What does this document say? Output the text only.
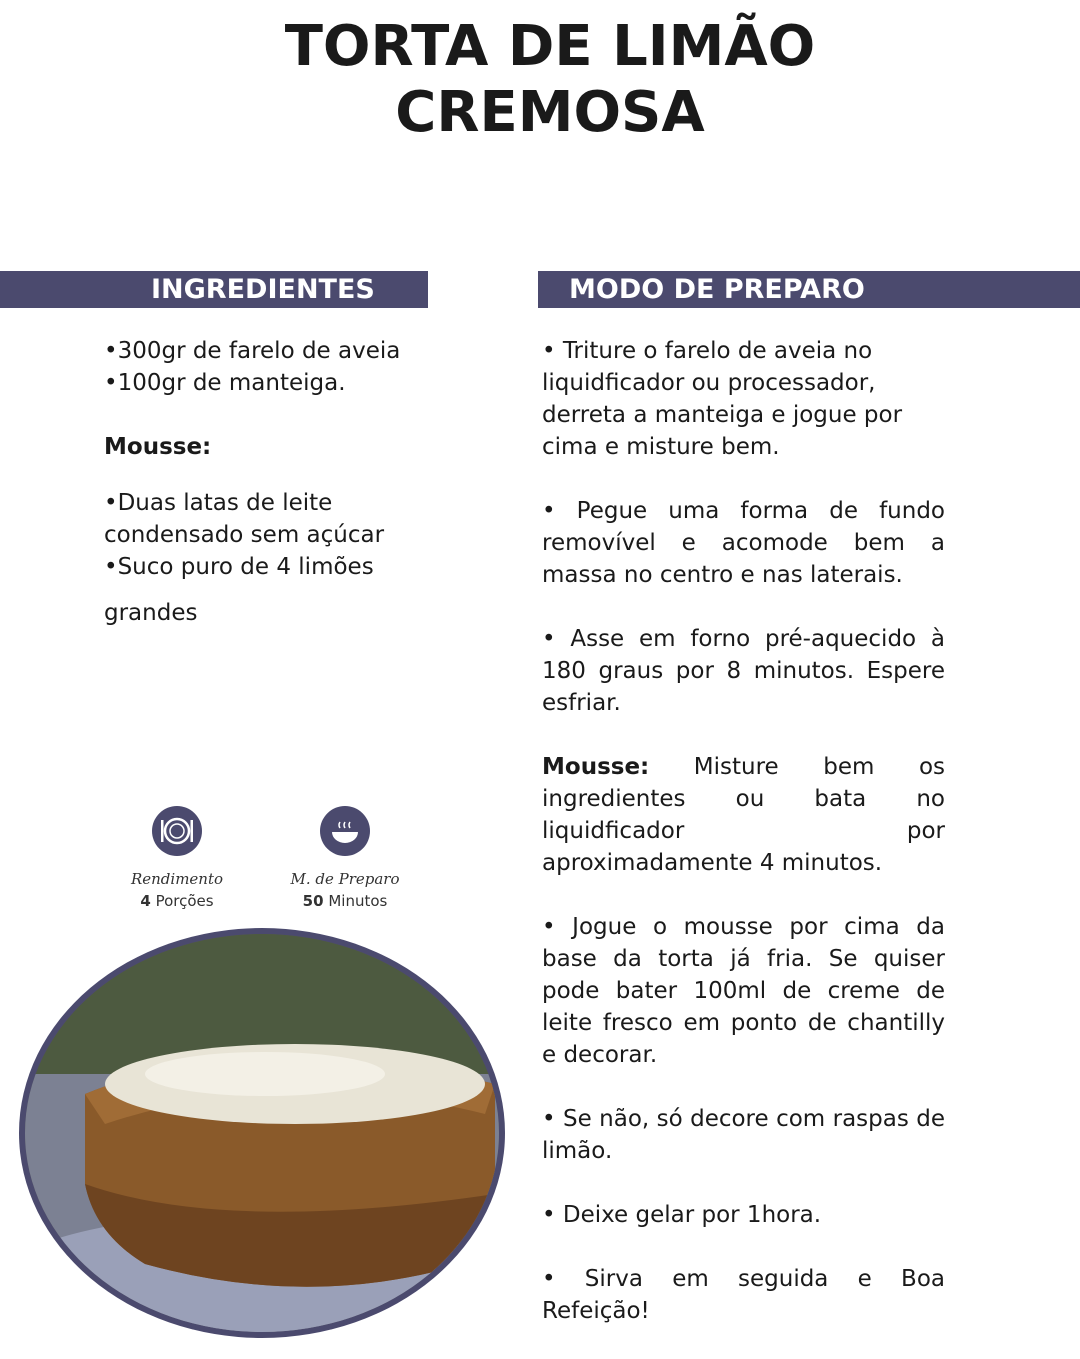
TORTA DE LIMÃO
CREMOSA
INGREDIENTES	MODO DE PREPARO
•300gr de farelo de aveia
•100gr de manteiga.
Mousse:
•Duas latas de leite condensado sem açúcar
•Suco puro de 4 limões
grandes
• Triture o farelo de aveia no liquidficador ou processador, derreta a manteiga e jogue por cima e misture bem.
• Pegue uma forma de fundo removível e acomode bem a massa no centro e nas laterais.
• Asse em forno pré-aquecido à 180 graus por 8 minutos. Espere esfriar.
Mousse: Misture bem os ingredientes ou bata no liquidficador por aproximadamente 4 minutos.
• Jogue o mousse por cima da base da torta já fria. Se quiser pode bater 100ml de creme de leite fresco em ponto de chantilly e decorar.
• Se não, só decore com raspas de limão.
• Deixe gelar por 1hora.
• Sirva em seguida e Boa Refeição!
Rendimento
4 Porções
M. de Preparo
50 Minutos
